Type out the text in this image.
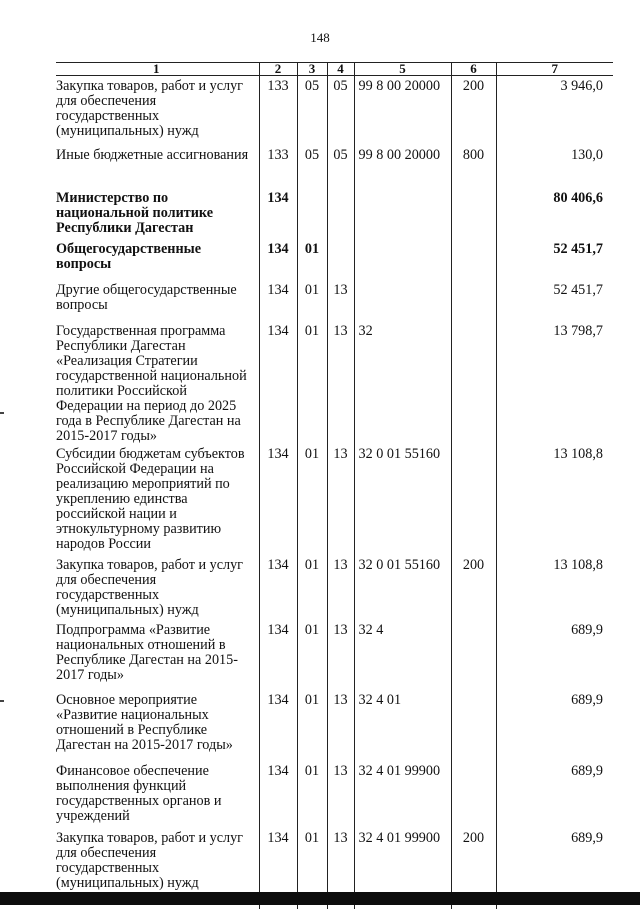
148
1	2	3	4	5	6	7
Закупка товаров, работ и услуг для обеспечения государственных (муниципальных) нужд	133	05	05	99 8 00 20000	200	3 946,0
Иные бюджетные ассигнования	133	05	05	99 8 00 20000	800	130,0
Министерство по национальной политике Республики Дагестан	134					80 406,6
Общегосударственные вопросы	134	01				52 451,7
Другие общегосударственные вопросы	134	01	13			52 451,7
Государственная программа Республики Дагестан «Реализация Стратегии государственной национальной политики Российской Федерации на период до 2025 года в Республике Дагестан на 2015-2017 годы»	134	01	13	32		13 798,7
Субсидии бюджетам субъектов Российской Федерации на реализацию мероприятий по укреплению единства российской нации и этнокультурному развитию народов России	134	01	13	32 0 01 55160		13 108,8
Закупка товаров, работ и услуг для обеспечения государственных (муниципальных) нужд	134	01	13	32 0 01 55160	200	13 108,8
Подпрограмма «Развитие национальных отношений в Республике Дагестан на 2015-2017 годы»	134	01	13	32 4		689,9
Основное мероприятие «Развитие национальных отношений в Республике Дагестан на 2015-2017 годы»	134	01	13	32 4 01		689,9
Финансовое обеспечение выполнения функций государственных органов и учреждений	134	01	13	32 4 01 99900		689,9
Закупка товаров, работ и услуг для обеспечения государственных (муниципальных) нужд	134	01	13	32 4 01 99900	200	689,9
